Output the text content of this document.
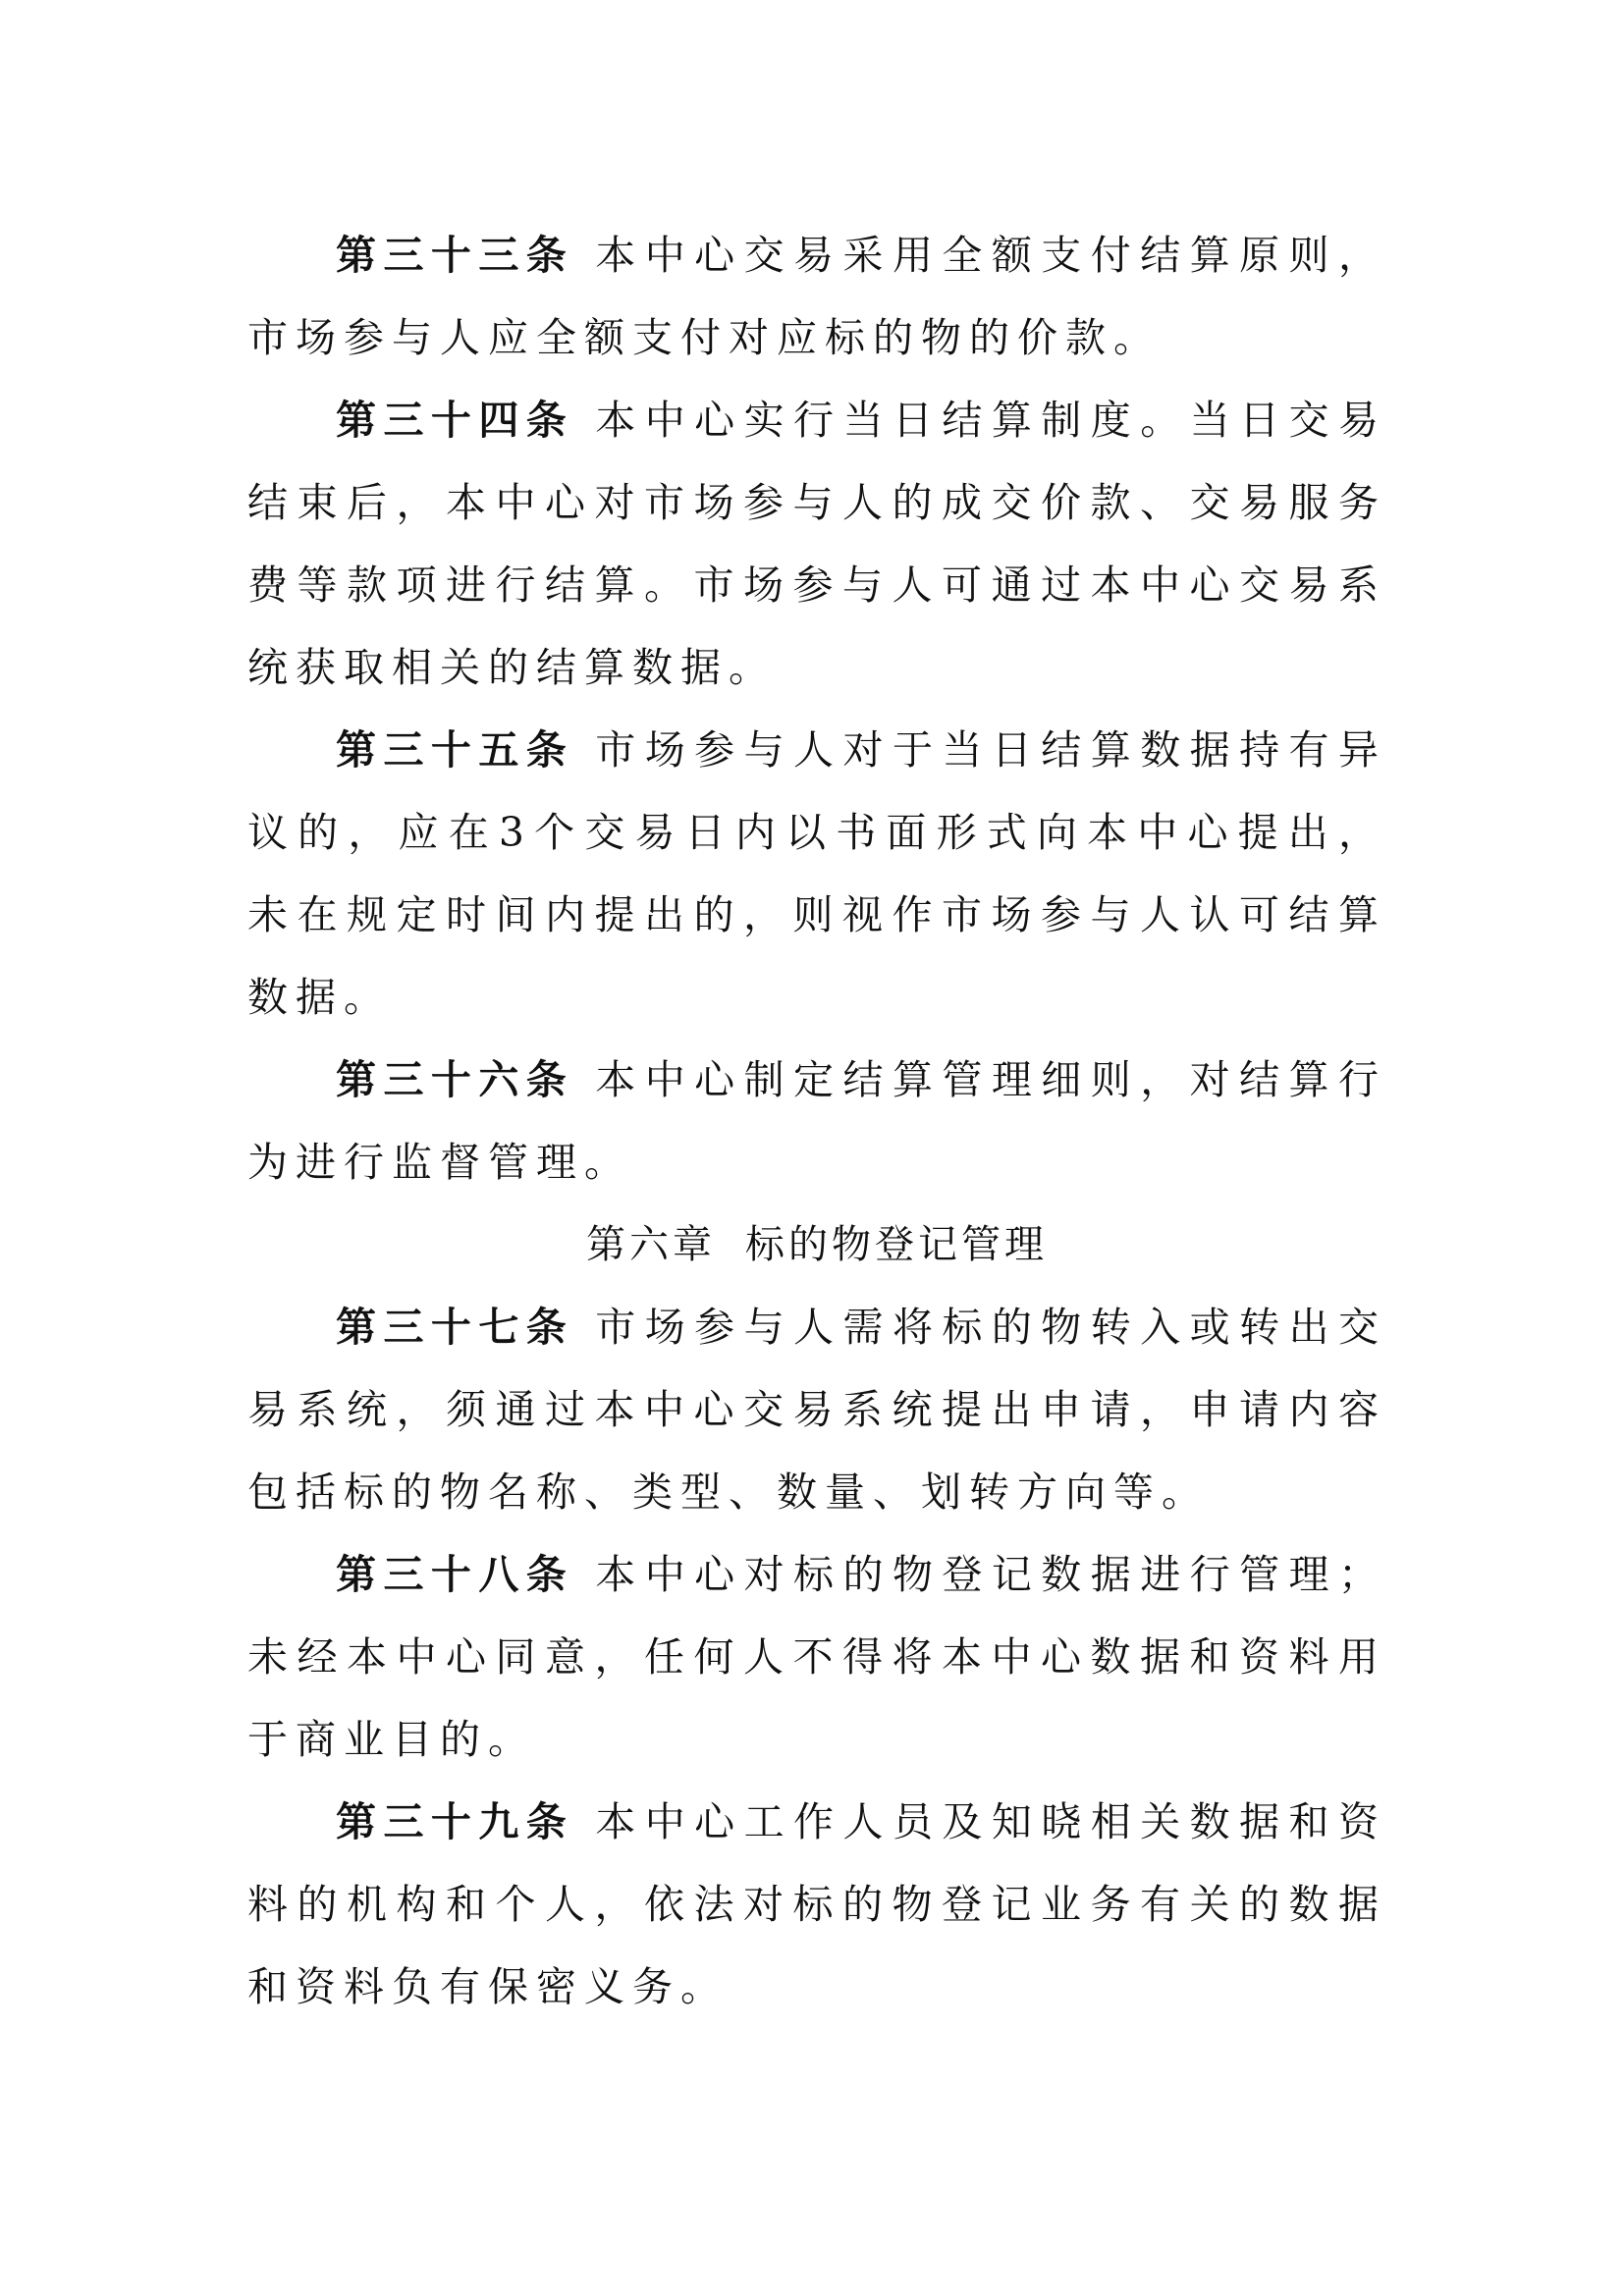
第三十三条 本中心交易采用全额支付结算原则，市场参与人应全额支付对应标的物的价款。

第三十四条 本中心实行当日结算制度。当日交易结束后，本中心对市场参与人的成交价款、交易服务费等款项进行结算。市场参与人可通过本中心交易系统获取相关的结算数据。

第三十五条 市场参与人对于当日结算数据持有异议的，应在3个交易日内以书面形式向本中心提出，未在规定时间内提出的，则视作市场参与人认可结算数据。

第三十六条 本中心制定结算管理细则，对结算行为进行监督管理。

第六章 标的物登记管理

第三十七条 市场参与人需将标的物转入或转出交易系统，须通过本中心交易系统提出申请，申请内容包括标的物名称、类型、数量、划转方向等。

第三十八条 本中心对标的物登记数据进行管理；未经本中心同意，任何人不得将本中心数据和资料用于商业目的。

第三十九条 本中心工作人员及知晓相关数据和资料的机构和个人，依法对标的物登记业务有关的数据和资料负有保密义务。
